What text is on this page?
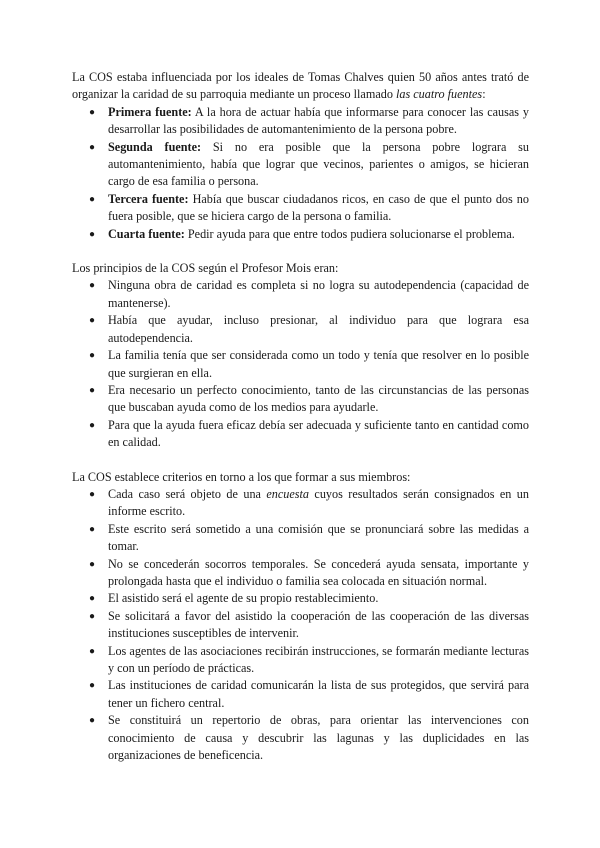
La COS estaba influenciada por los ideales de Tomas Chalves quien 50 años antes trató de organizar la caridad de su parroquia mediante un proceso llamado las cuatro fuentes:

● Primera fuente: A la hora de actuar había que informarse para conocer las causas y desarrollar las posibilidades de automantenimiento de la persona pobre.
● Segunda fuente: Si no era posible que la persona pobre lograra su automantenimiento, había que lograr que vecinos, parientes o amigos, se hicieran cargo de esa familia o persona.
● Tercera fuente: Había que buscar ciudadanos ricos, en caso de que el punto dos no fuera posible, que se hiciera cargo de la persona o familia.
● Cuarta fuente: Pedir ayuda para que entre todos pudiera solucionarse el problema.

Los principios de la COS según el Profesor Mois eran:

● Ninguna obra de caridad es completa si no logra su autodependencia (capacidad de mantenerse).
● Había que ayudar, incluso presionar, al individuo para que lograra esa autodependencia.
● La familia tenía que ser considerada como un todo y tenía que resolver en lo posible que surgieran en ella.
● Era necesario un perfecto conocimiento, tanto de las circunstancias de las personas que buscaban ayuda como de los medios para ayudarle.
● Para que la ayuda fuera eficaz debía ser adecuada y suficiente tanto en cantidad como en calidad.

La COS establece criterios en torno a los que formar a sus miembros:

● Cada caso será objeto de una encuesta cuyos resultados serán consignados en un informe escrito.
● Este escrito será sometido a una comisión que se pronunciará sobre las medidas a tomar.
● No se concederán socorros temporales. Se concederá ayuda sensata, importante y prolongada hasta que el individuo o familia sea colocada en situación normal.
● El asistido será el agente de su propio restablecimiento.
● Se solicitará a favor del asistido la cooperación de las cooperación de las diversas instituciones susceptibles de intervenir.
● Los agentes de las asociaciones recibirán instrucciones, se formarán mediante lecturas y con un período de prácticas.
● Las instituciones de caridad comunicarán la lista de sus protegidos, que servirá para tener un fichero central.
● Se constituirá un repertorio de obras, para orientar las intervenciones con conocimiento de causa y descubrir las lagunas y las duplicidades en las organizaciones de beneficencia.
